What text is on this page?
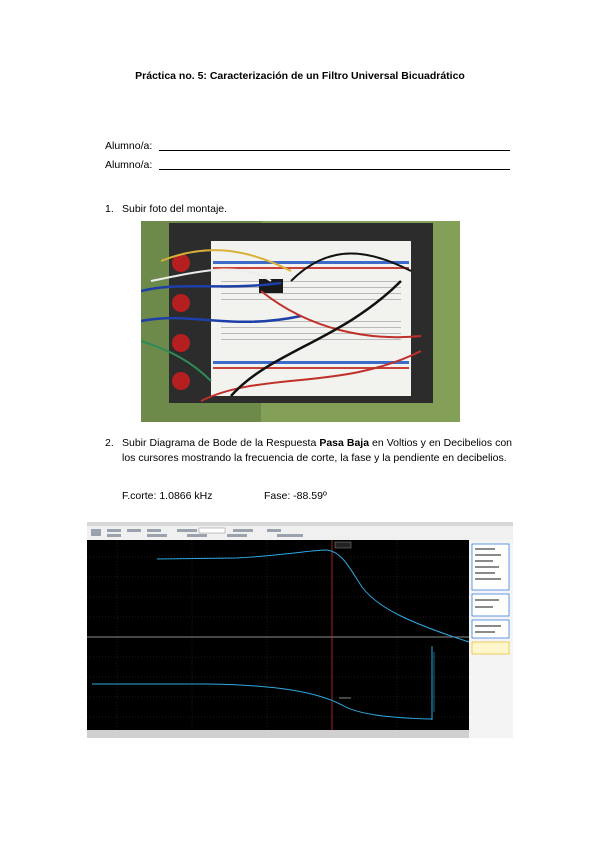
Práctica no. 5: Caracterización de un Filtro Universal Bicuadrático
Alumno/a:
Alumno/a:
1. Subir foto del montaje.
2. Subir Diagrama de Bode de la Respuesta Pasa Baja en Voltios y en Decibelios con los cursores mostrando la frecuencia de corte, la fase y la pendiente en decibelios.
F.corte: 1.0866 kHz	Fase: -88.59º
